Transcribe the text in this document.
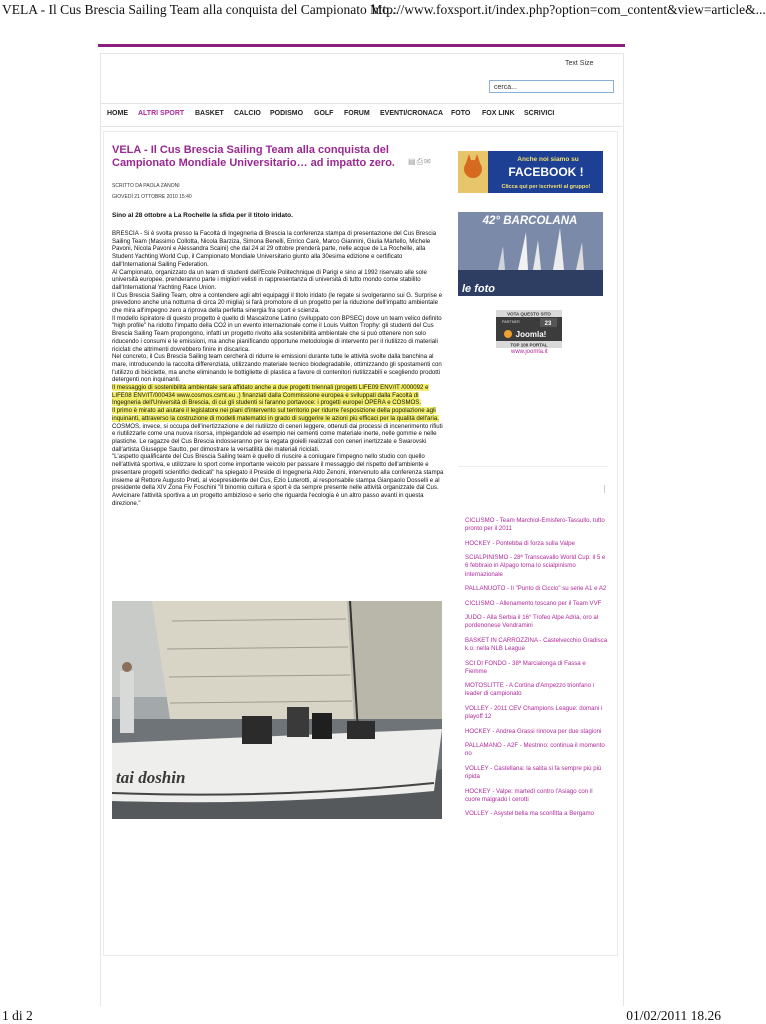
VELA - Il Cus Brescia Sailing Team alla conquista del Campionato Mo...
http://www.foxsport.it/index.php?option=com_content&view=article&...
Text Size
cerca...
HOME ALTRI SPORT BASKET CALCIO PODISMO GOLF FORUM EVENTI/CRONACA FOTO FOX LINK SCRIVICI
VELA - Il Cus Brescia Sailing Team alla conquista del Campionato Mondiale Universitario… ad impatto zero.	▤⎙✉
SCRITTO DA PAOLA ZANONI
GIOVEDÌ 21 OTTOBRE 2010 15:40
Sino al 28 ottobre a La Rochelle la sfida per il titolo iridato.

BRESCIA - Si è svolta presso la Facoltà di Ingegneria di Brescia la conferenza stampa di presentazione del Cus Brescia Sailing Team (Massimo Collotta, Nicola Barziza, Simona Benelli, Enrico Carè, Marco Giannini, Giulia Martello, Michele Pavoni, Nicola Pavoni e Alessandra Scaini) che dal 24 al 29 ottobre prenderà parte, nelle acque de La Rochelle, alla Student Yachting World Cup, il Campionato Mondiale Universitario giunto alla 30esima edizione e certificato dall'International Sailing Federation.

Al Campionato, organizzato da un team di studenti dell'Ecole Politechnique di Parigi e sino al 1992 riservato alle sole università europee, prenderanno parte i migliori velisti in rappresentanza di università di tutto mondo come stabilito dall'International Yachting Race Union.

Il Cus Brescia Sailing Team, oltre a contendere agli altri equipaggi il titolo iridato (le regate si svolgeranno sui G. Surprise e prevedono anche una notturna di circa 20 miglia) si farà promotore di un progetto per la riduzione dell'impatto ambientale che mira all'impegno zero a riprova della perfetta sinergia fra sport e scienza.

Il modello ispiratore di questo progetto è quello di Mascalzone Latino (sviluppato con BPSEC) dove un team velico definito "high profile" ha ridotto l'impatto della CO2 in un evento internazionale come il Louis Vuitton Trophy: gli studenti del Cus Brescia Sailing Team propongono, infatti un progetto rivolto alla sostenibilità ambientale che si può ottenere non solo riducendo i consumi e le emissioni, ma anche pianificando opportune metodologie di intervento per il riutilizzo di materiali riciclati che altrimenti dovrebbero finire in discarica.

Nel concreto, il Cus Brescia Sailing team cercherà di ridurre le emissioni durante tutte le attività svolte dalla banchina al mare, introducendo la raccolta differenziata, utilizzando materiale tecnico biodegradabile, ottimizzando gli spostamenti con l'utilizzo di biciclette, ma anche eliminando le bottigliette di plastica a favore di contenitori riutilizzabili e scegliendo prodotti detergenti non inquinanti.

Il messaggio di sostenibilità ambientale sarà affidato anche a due progetti triennali (progetti LIFE09 ENV/IT /000092 e LIFE08 ENV/IT/000434 www.cosmos.csmt.eu ,) finanziati dalla Commissione europea e sviluppati dalla Facoltà di Ingegneria dell'Università di Brescia, di cui gli studenti si faranno portavoce: i progetti europei OPERA e COSMOS.

Il primo è mirato ad aiutare il legislatore nei piani d'intervento sul territorio per ridurre l'esposizione della popolazione agli inquinanti, attraverso la costruzione di modelli matematici in grado di suggerire le azioni più efficaci per la qualità dell'aria.

COSMOS, invece, si occupa dell'inertizzazione e del riutilizzo di ceneri leggere, ottenuti dai processi di incenerimento rifiuti e riutilizzarle come una nuova risorsa, impiegandole ad esempio nei cementi come materiale inerte, nelle gomme e nelle plastiche. Le ragazze del Cus Brescia indosseranno per la regata gioielli realizzati con ceneri inertizzate e Swarovski dall'artista Giuseppe Sautto, per dimostrare la versatilità dei materiali riciclati.

"L'aspetto qualificante del Cus Brescia Sailing team è quello di riuscire a coniugare l'impegno nello studio con quello nell'attività sportiva, e utilizzare lo sport come importante veicolo per passare il messaggio del rispetto dell'ambiente e presentare progetti scientifici dedicati" ha spiegato il Preside di Ingegneria Aldo Zenoni, intervenuto alla conferenza stampa insieme al Rettore Augusto Preti, al vicepresidente del Cus, Ezio Luterotti, al responsabile stampa Gianpaolo Dosselli e al presidente della XIV Zona Fiv Foschini "Il binomio cultura e sport è da sempre presente nelle attività organizzate dal Cus. Avvicinare l'attività sportiva a un progetto ambizioso e serio che riguarda l'ecologia è un altro passo avanti in questa direzione."

tai doshin
Anche noi siamo su
FACEBOOK !
Clicca qui per iscriverti al gruppo!
42° BARCOLANA
le foto
VOTA QUESTO SITO
PARTNER	23
Joomla!
TOP 100 PORTAL
www.joomla.it
CICLISMO - Team Marchiol-Emisfero-Tassullo, tutto pronto per il 2011
HOCKEY - Pontebba di forza sulla Valpe
SCIALPINISMO - 28ª Transcavallo World Cup: il 5 e 6 febbraio in Alpago torna lo scialpinismo internazionale
PALLANUOTO - Il "Punto di Ciccio" su serie A1 e A2
CICLISMO - Allenamento toscano per il Team VVF
JUDO - Alla Serbia il 16° Trofeo Alpe Adria, oro al pordenonese Vendramini
BASKET IN CARROZZINA - Castelvecchio Gradisca k.o. nella NLB League
SCI DI FONDO - 38ª Marcialonga di Fassa e Fiemme
MOTOSLITTE - A Cortina d'Ampezzo trionfano i leader di campionato
VOLLEY - 2011 CEV Champions League: domani i playoff 12
HOCKEY - Andrea Grassi rinnova per due stagioni
PALLAMANO - A2F - Mestrino: continua il momento no
VOLLEY - Castellana: la salita si fa sempre più più ripida
HOCKEY - Valpe: martedì contro l'Asiago con il cuore malgrado i cerotti
VOLLEY - Asystel bella ma sconfitta a Bergamo
1 di 2	01/02/2011 18.26
